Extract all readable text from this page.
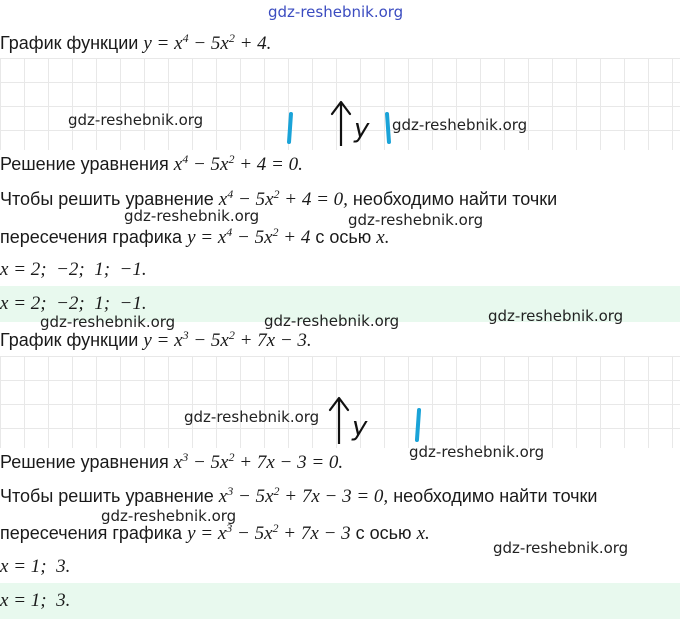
gdz-reshebnik.org
График функции $y = x^4 - 5x^2 + 4$.
y
gdz-reshebnik.org	gdz-reshebnik.org
Решение уравнения $x^4 - 5x^2 + 4 = 0$.
Чтобы решить уравнение $x^4 - 5x^2 + 4 = 0$, необходимо найти точки
gdz-reshebnik.org	gdz-reshebnik.org
пересечения графика $y = x^4 - 5x^2 + 4$ с осью x.
x = 2;  −2;  1;  −1.
x = 2;  −2;  1;  −1.
gdz-reshebnik.org	gdz-reshebnik.org	gdz-reshebnik.org
График функции $y = x^3 - 5x^2 + 7x - 3$.
y
gdz-reshebnik.org
gdz-reshebnik.org
Решение уравнения $x^3 - 5x^2 + 7x - 3 = 0$.
Чтобы решить уравнение $x^3 - 5x^2 + 7x - 3 = 0$, необходимо найти точки
gdz-reshebnik.org
пересечения графика $y = x^3 - 5x^2 + 7x - 3$ с осью x.
gdz-reshebnik.org
x = 1;  3.
x = 1;  3.
